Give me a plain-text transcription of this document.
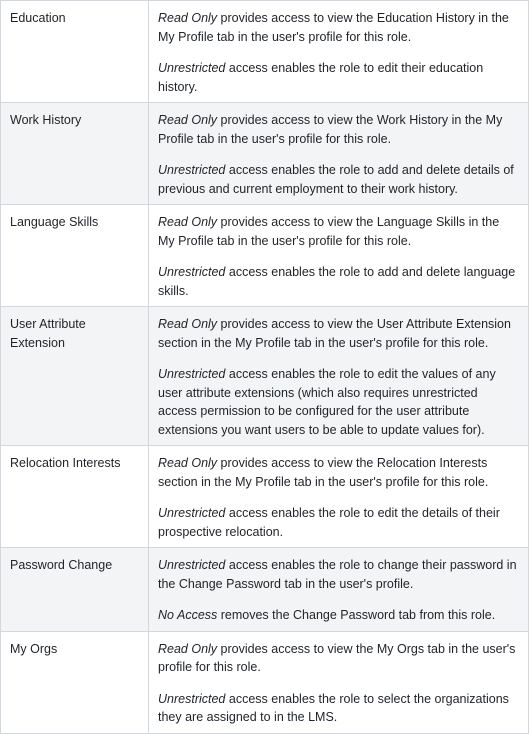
Education	Read Only provides access to view the Education History in the My Profile tab in the user's profile for this role.

Unrestricted access enables the role to edit their education history.

Work History	Read Only provides access to view the Work History in the My Profile tab in the user's profile for this role.

Unrestricted access enables the role to add and delete details of previous and current employment to their work history.

Language Skills	Read Only provides access to view the Language Skills in the My Profile tab in the user's profile for this role.

Unrestricted access enables the role to add and delete language skills.

User Attribute Extension	Read Only provides access to view the User Attribute Extension section in the My Profile tab in the user's profile for this role.

Unrestricted access enables the role to edit the values of any user attribute extensions (which also requires unrestricted access permission to be configured for the user attribute extensions you want users to be able to update values for).

Relocation Interests	Read Only provides access to view the Relocation Interests section in the My Profile tab in the user's profile for this role.

Unrestricted access enables the role to edit the details of their prospective relocation.

Password Change	Unrestricted access enables the role to change their password in the Change Password tab in the user's profile.

No Access removes the Change Password tab from this role.

My Orgs	Read Only provides access to view the My Orgs tab in the user's profile for this role.

Unrestricted access enables the role to select the organizations they are assigned to in the LMS.
